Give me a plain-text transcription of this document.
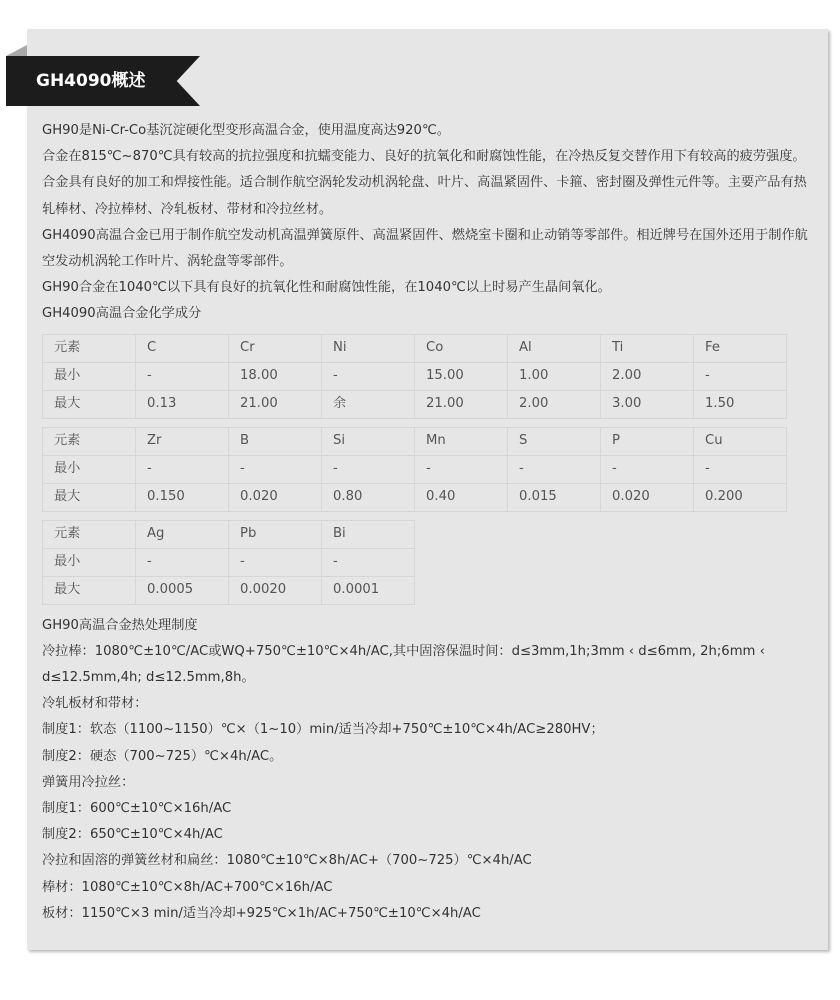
GH4090概述

GH90是Ni-Cr-Co基沉淀硬化型变形高温合金，使用温度高达920℃。

合金在815℃~870℃具有较高的抗拉强度和抗蠕变能力、良好的抗氧化和耐腐蚀性能，在冷热反复交替作用下有较高的疲劳强度。合金具有良好的加工和焊接性能。适合制作航空涡轮发动机涡轮盘、叶片、高温紧固件、卡箍、密封圈及弹性元件等。主要产品有热轧棒材、冷拉棒材、冷轧板材、带材和冷拉丝材。

GH4090高温合金已用于制作航空发动机高温弹簧原件、高温紧固件、燃烧室卡圈和止动销等零部件。相近牌号在国外还用于制作航空发动机涡轮工作叶片、涡轮盘等零部件。

GH90合金在1040℃以下具有良好的抗氧化性和耐腐蚀性能，在1040℃以上时易产生晶间氧化。

GH4090高温合金化学成分

元素	C	Cr	Ni	Co	Al	Ti	Fe
最小	-	18.00	-	15.00	1.00	2.00	-
最大	0.13	21.00	余	21.00	2.00	3.00	1.50
元素	Zr	B	Si	Mn	S	P	Cu
最小	-	-	-	-	-	-	-
最大	0.150	0.020	0.80	0.40	0.015	0.020	0.200
元素	Ag	Pb	Bi
最小	-	-	-
最大	0.0005	0.0020	0.0001

GH90高温合金热处理制度

冷拉棒：1080℃±10℃/AC或WQ+750℃±10℃×4h/AC,其中固溶保温时间：d≤3mm,1h;3mm ‹ d≤6mm, 2h;6mm ‹ d≤12.5mm,4h; d≤12.5mm,8h。

冷轧板材和带材：

制度1：软态（1100~1150）℃×（1~10）min/适当冷却+750℃±10℃×4h/AC≥280HV；

制度2：硬态（700~725）℃×4h/AC。

弹簧用冷拉丝：

制度1：600℃±10℃×16h/AC

制度2：650℃±10℃×4h/AC

冷拉和固溶的弹簧丝材和扁丝：1080℃±10℃×8h/AC+（700~725）℃×4h/AC

棒材：1080℃±10℃×8h/AC+700℃×16h/AC

板材：1150℃×3 min/适当冷却+925℃×1h/AC+750℃±10℃×4h/AC
